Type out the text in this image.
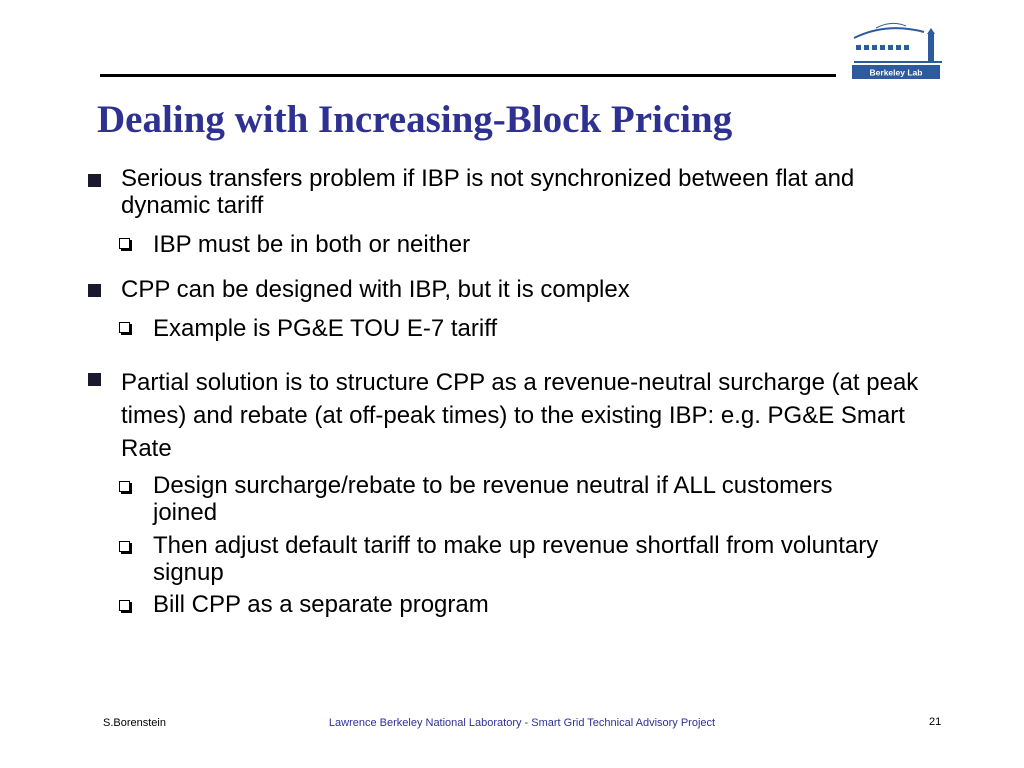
Berkeley Lab
Dealing with Increasing-Block Pricing
Serious transfers problem if IBP is not synchronized between flat and dynamic tariff
IBP must be in both or neither
CPP can be designed with IBP, but it is complex
Example is PG&E TOU E-7 tariff
Partial solution is to structure CPP as a revenue-neutral surcharge (at peak times) and rebate (at off-peak times) to the existing IBP: e.g. PG&E Smart Rate
Design surcharge/rebate to be revenue neutral if ALL customers joined
Then adjust default tariff to make up revenue shortfall from voluntary signup
Bill CPP as a separate program
S.Borenstein	Lawrence Berkeley National Laboratory - Smart Grid Technical Advisory Project	21
